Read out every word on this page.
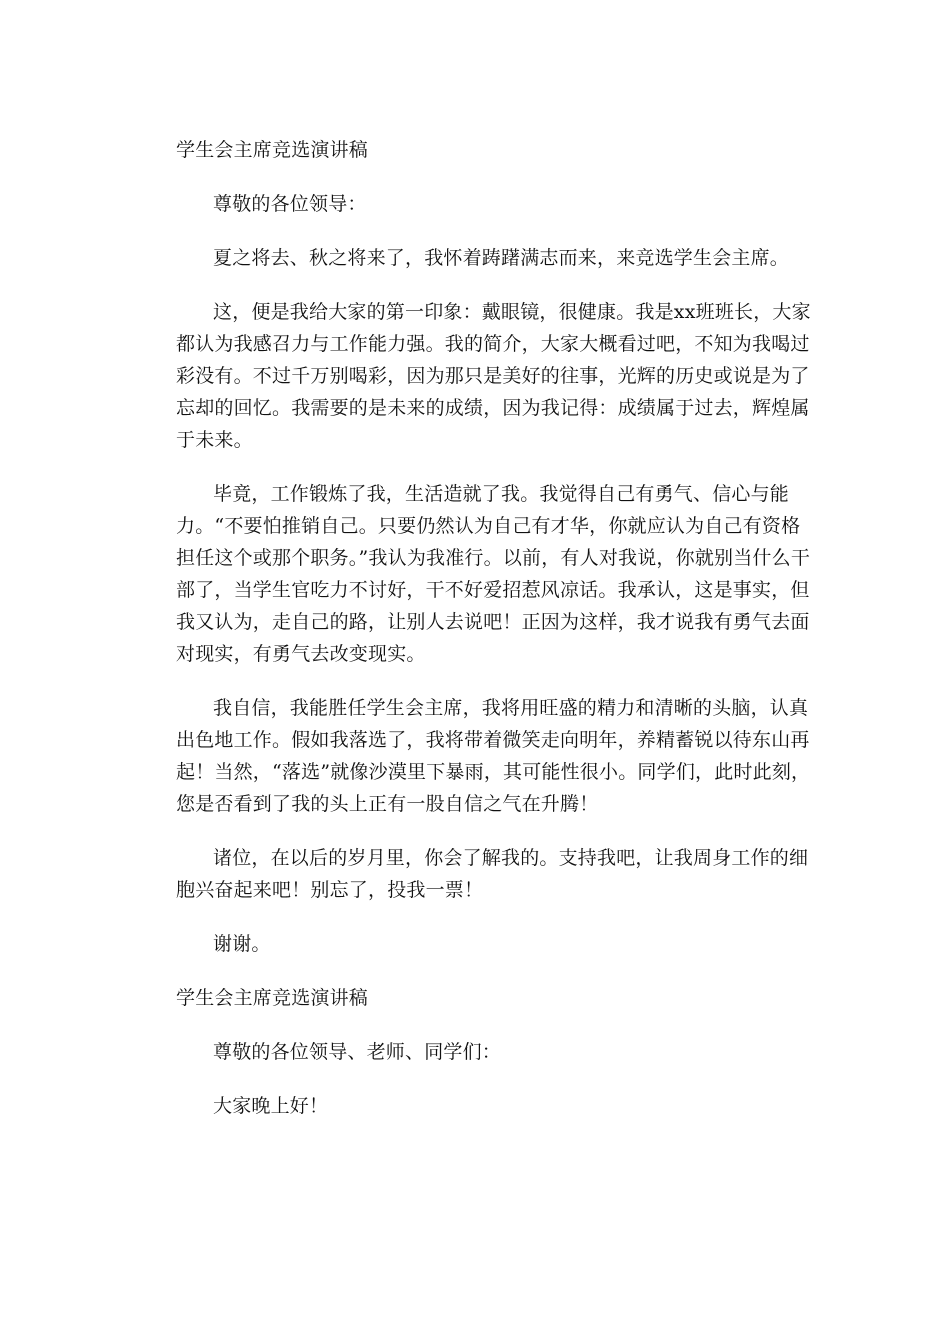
学生会主席竞选演讲稿
尊敬的各位领导：
夏之将去、秋之将来了，我怀着踌躇满志而来，来竞选学生会主席。
这，便是我给大家的第一印象：戴眼镜，很健康。我是xx班班长，大家都认为我感召力与工作能力强。我的简介，大家大概看过吧，不知为我喝过彩没有。不过千万别喝彩，因为那只是美好的往事，光辉的历史或说是为了忘却的回忆。我需要的是未来的成绩，因为我记得：成绩属于过去，辉煌属于未来。
毕竟，工作锻炼了我，生活造就了我。我觉得自己有勇气、信心与能力。“不要怕推销自己。只要仍然认为自己有才华，你就应认为自己有资格担任这个或那个职务。”我认为我准行。以前，有人对我说，你就别当什么干部了，当学生官吃力不讨好，干不好爱招惹风凉话。我承认，这是事实，但我又认为，走自己的路，让别人去说吧！正因为这样，我才说我有勇气去面对现实，有勇气去改变现实。
我自信，我能胜任学生会主席，我将用旺盛的精力和清晰的头脑，认真出色地工作。假如我落选了，我将带着微笑走向明年，养精蓄锐以待东山再起！当然，“落选”就像沙漠里下暴雨，其可能性很小。同学们，此时此刻，您是否看到了我的头上正有一股自信之气在升腾！
诸位，在以后的岁月里，你会了解我的。支持我吧，让我周身工作的细胞兴奋起来吧！别忘了，投我一票！
谢谢。
学生会主席竞选演讲稿
尊敬的各位领导、老师、同学们：
大家晚上好！
